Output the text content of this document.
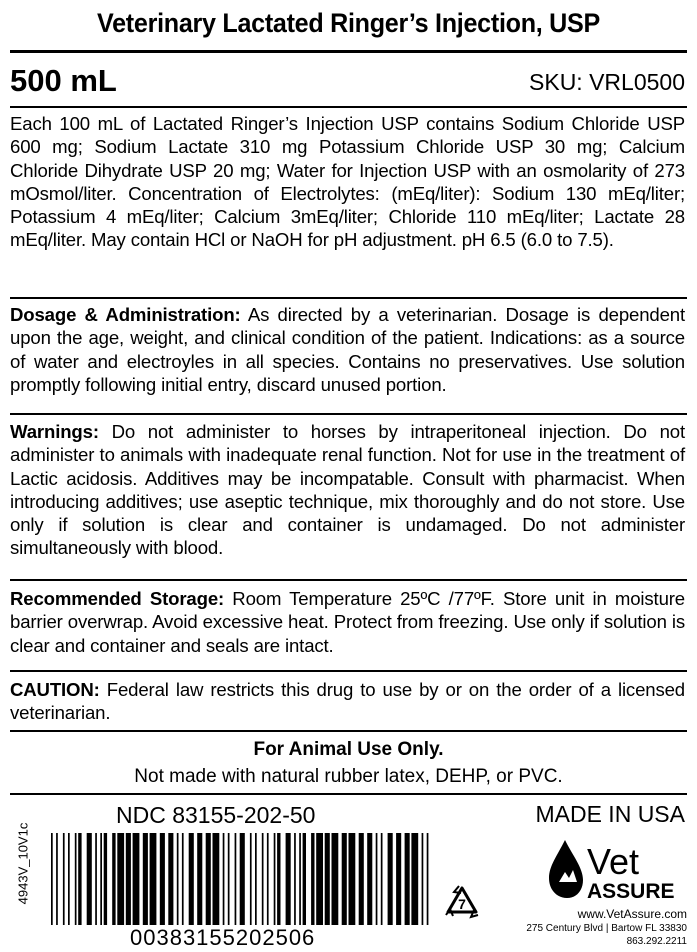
Veterinary Lactated Ringer’s Injection, USP
500 mL	SKU: VRL0500
Each 100 mL of Lactated Ringer’s Injection USP contains Sodium Chloride USP 600 mg; Sodium Lactate 310 mg Potassium Chloride USP 30 mg; Calcium Chloride Dihydrate USP 20 mg; Water for Injection USP with an osmolarity of 273 mOsmol/liter. Concentration of Electrolytes: (mEq/liter): Sodium 130 mEq/liter; Potassium 4 mEq/liter; Calcium 3mEq/liter; Chloride 110 mEq/liter; Lactate 28 mEq/liter. May contain HCl or NaOH for pH adjustment. pH 6.5 (6.0 to 7.5).
Dosage & Administration: As directed by a veterinarian. Dosage is dependent upon the age, weight, and clinical condition of the patient. Indications: as a source of water and electroyles in all species. Contains no preservatives. Use solution promptly following initial entry, discard unused portion.
Warnings: Do not administer to horses by intraperitoneal injection. Do not administer to animals with inadequate renal function. Not for use in the treatment of Lactic acidosis. Additives may be incompatable. Consult with pharmacist. When introducing additives; use aseptic technique, mix thoroughly and do not store. Use only if solution is clear and container is undamaged. Do not administer simultaneously with blood.
Recommended Storage: Room Temperature 25ºC /77ºF. Store unit in moisture barrier overwrap. Avoid excessive heat. Protect from freezing. Use only if solution is clear and container and seals are intact.
CAUTION: Federal law restricts this drug to use by or on the order of a licensed veterinarian.
For Animal Use Only.
Not made with natural rubber latex, DEHP, or PVC.
4943V_10V1c
NDC 83155-202-50	MADE IN USA
00383155202506
7
Vet
ASSURE
www.VetAssure.com
275 Century Blvd | Bartow FL 33830
863.292.2211
